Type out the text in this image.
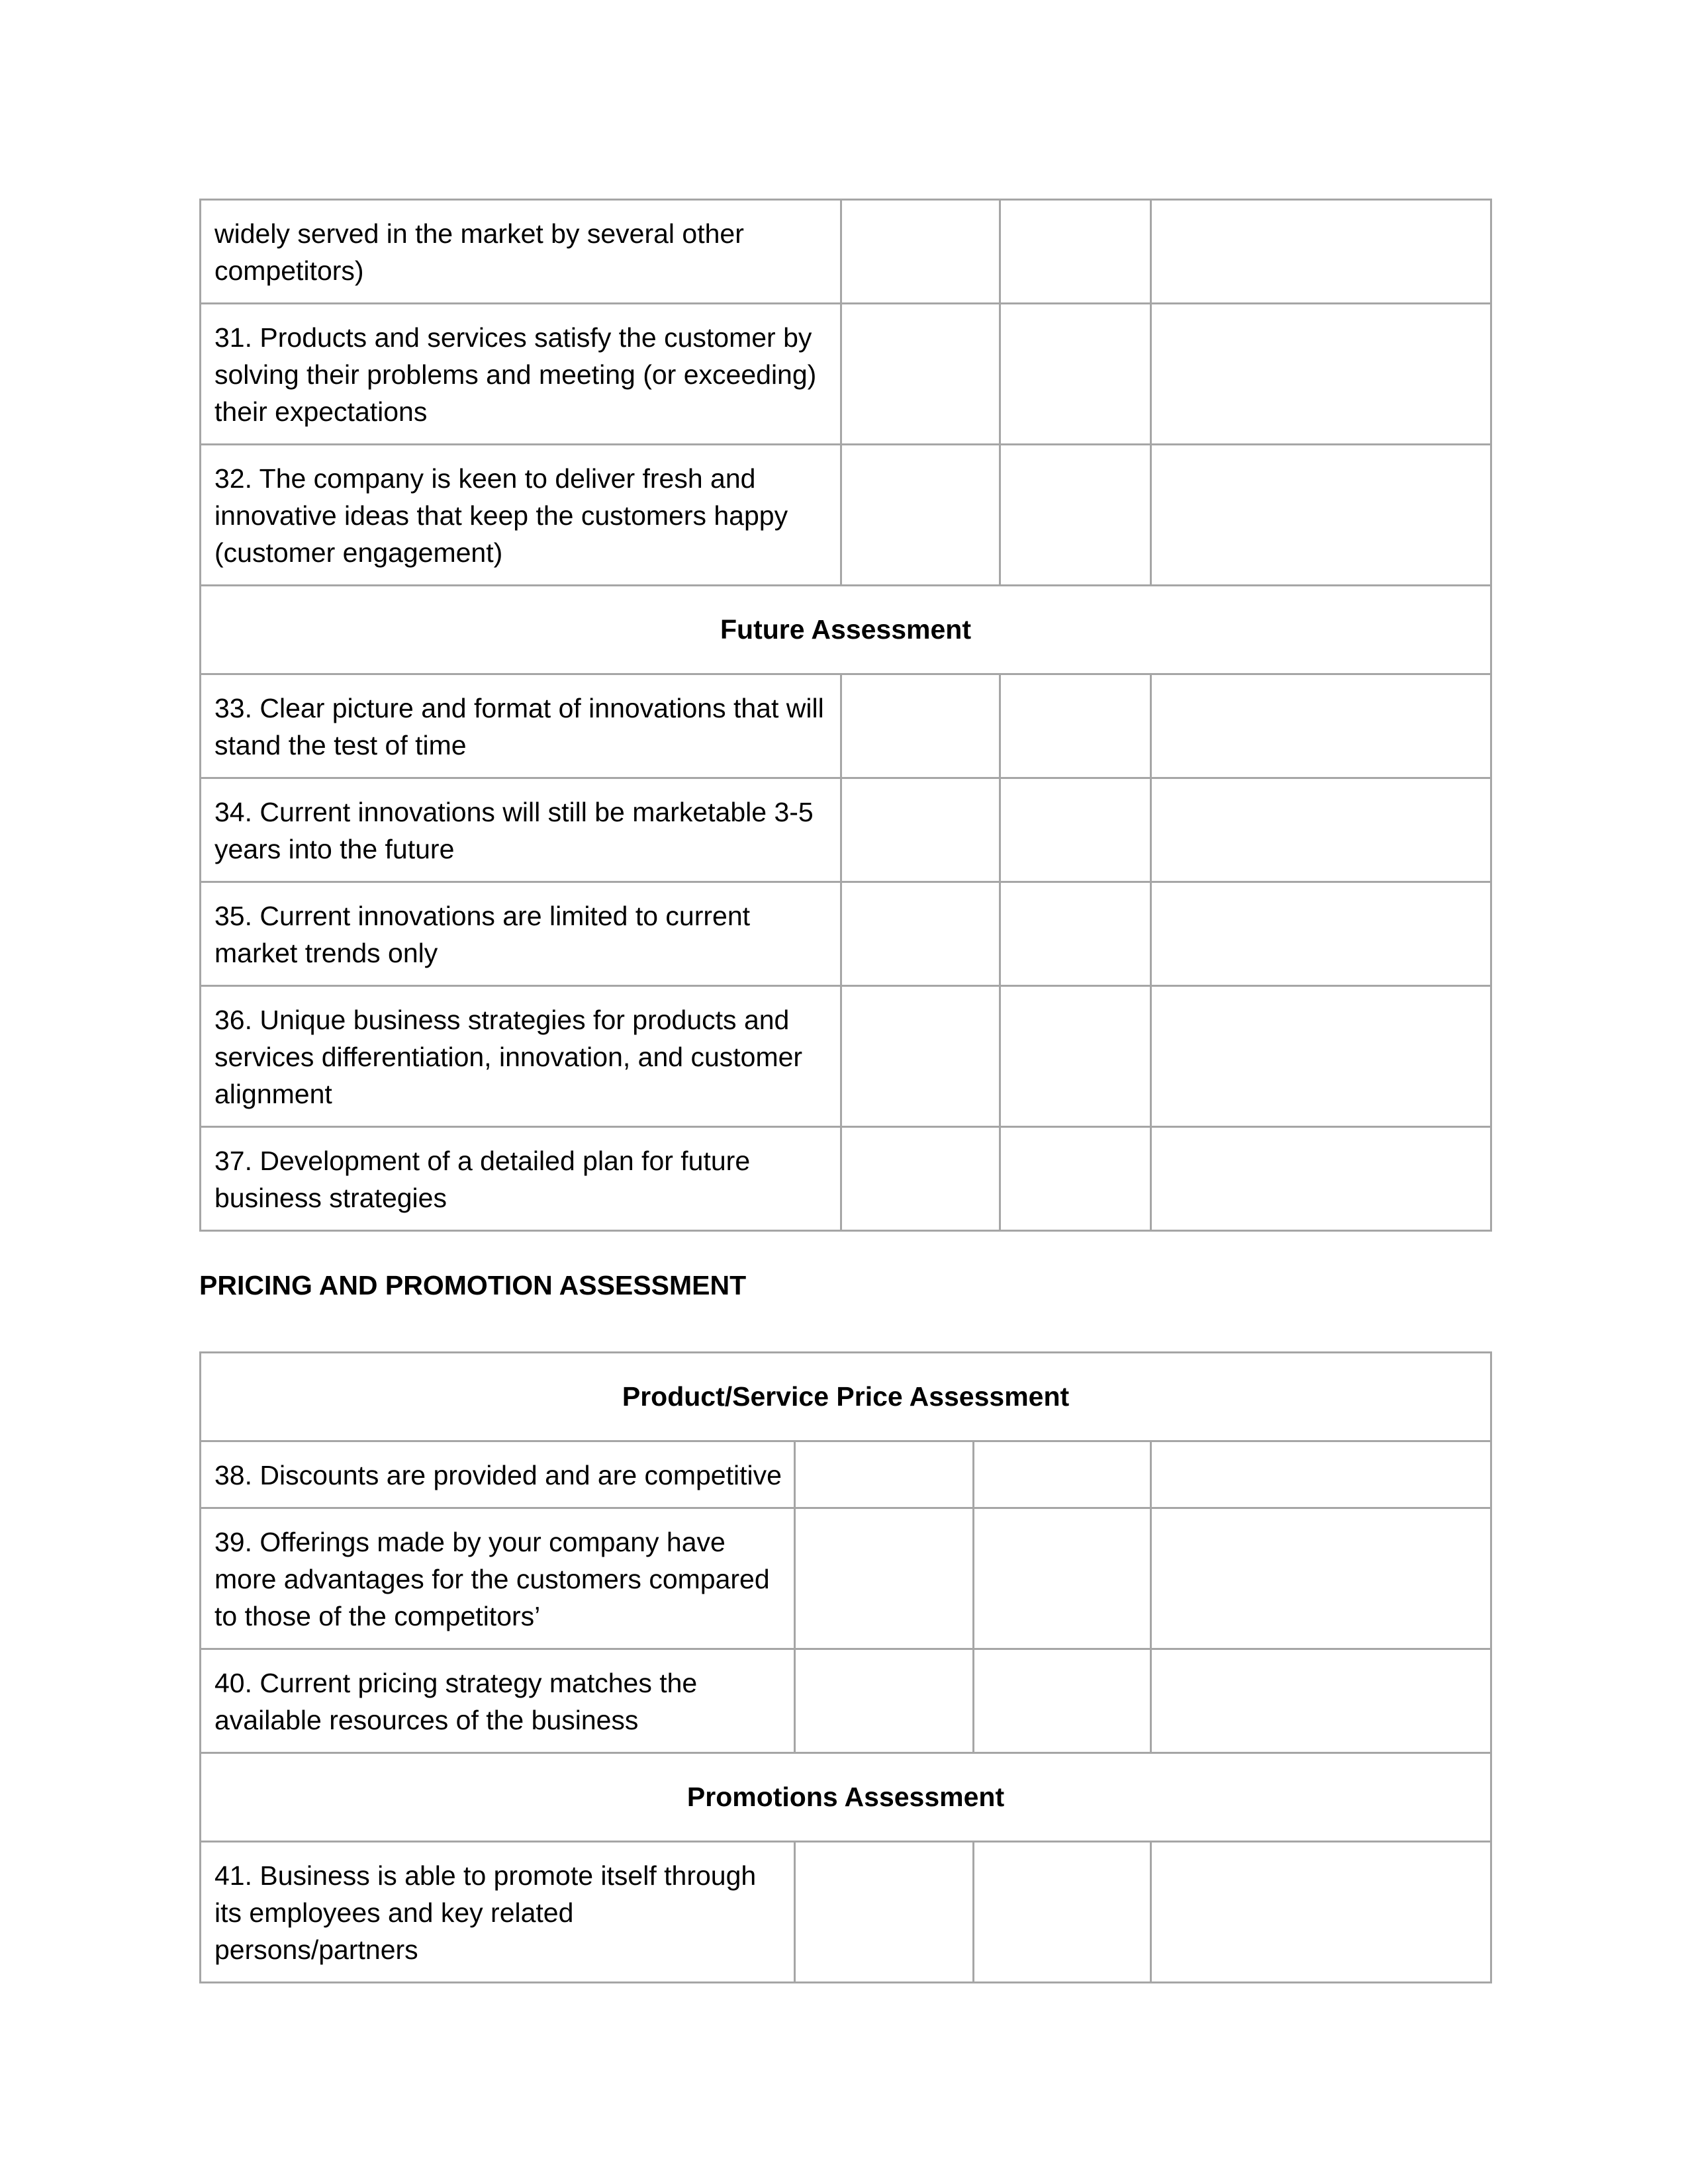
widely served in the market by several other competitors)			
31. Products and services satisfy the customer by solving their problems and meeting (or exceeding) their expectations			
32. The company is keen to deliver fresh and innovative ideas that keep the customers happy (customer engagement)			
Future Assessment			
33. Clear picture and format of innovations that will stand the test of time			
34. Current innovations will still be marketable 3-5 years into the future			
35. Current innovations are limited to current market trends only			
36. Unique business strategies for products and services differentiation, innovation, and customer alignment			
37. Development of a detailed plan for future business strategies			
PRICING AND PROMOTION ASSESSMENT
Product/Service Price Assessment			
38. Discounts are provided and are competitive			
39. Offerings made by your company have more advantages for the customers compared to those of the competitors’			
40. Current pricing strategy matches the available resources of the business			
Promotions Assessment			
41. Business is able to promote itself through its employees and key related persons/partners			
